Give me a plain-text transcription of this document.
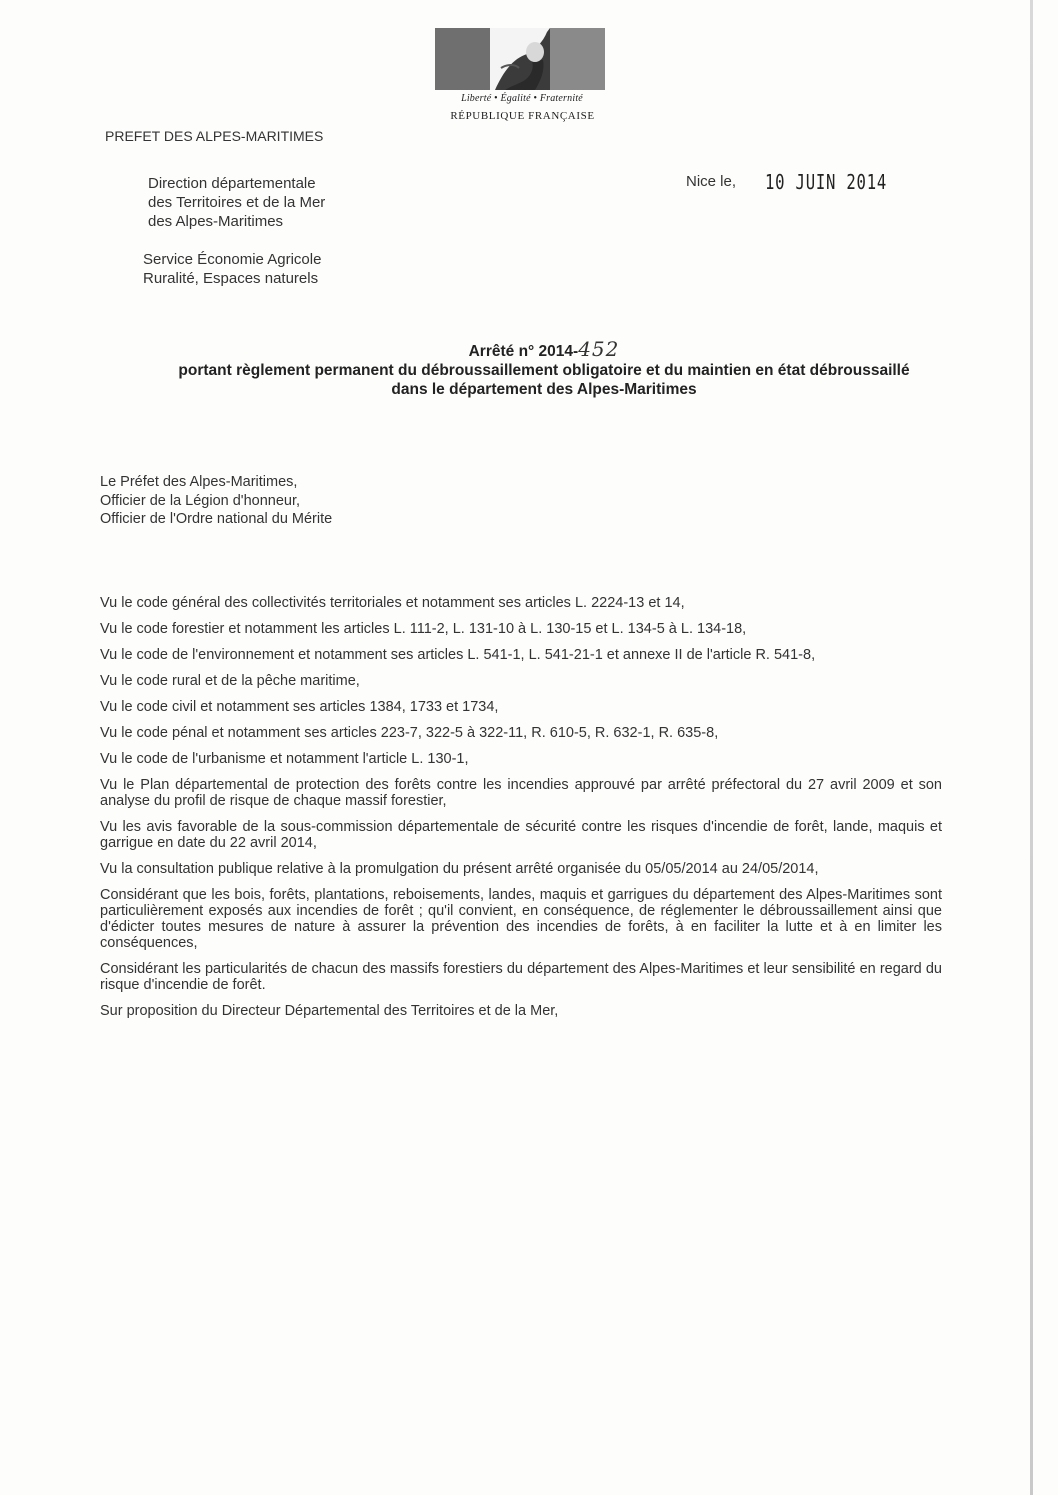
Liberté • Égalité • Fraternité
RÉPUBLIQUE FRANÇAISE
PREFET DES ALPES-MARITIMES
Direction départementale
des Territoires et de la Mer
des Alpes-Maritimes
Service Économie Agricole
Ruralité, Espaces naturels
Nice le, 10 JUIN 2014
Arrêté n° 2014-452
portant règlement permanent du débroussaillement obligatoire et du maintien en état débroussaillé
dans le département des Alpes-Maritimes
Le Préfet des Alpes-Maritimes,
Officier de la Légion d'honneur,
Officier de l'Ordre national du Mérite

Vu le code général des collectivités territoriales et notamment ses articles L. 2224-13 et 14,

Vu le code forestier et notamment les articles L. 111-2, L. 131-10 à L. 130-15 et L. 134-5 à L. 134-18,

Vu le code de l'environnement et notamment ses articles L. 541-1, L. 541-21-1 et annexe II de l'article R. 541-8,

Vu le code rural et de la pêche maritime,

Vu le code civil et notamment ses articles 1384, 1733 et 1734,

Vu le code pénal et notamment ses articles 223-7, 322-5 à 322-11, R. 610-5, R. 632-1, R. 635-8,

Vu le code de l'urbanisme et notamment l'article L. 130-1,

Vu le Plan départemental de protection des forêts contre les incendies approuvé par arrêté préfectoral du 27 avril 2009 et son analyse du profil de risque de chaque massif forestier,

Vu les avis favorable de la sous-commission départementale de sécurité contre les risques d'incendie de forêt, lande, maquis et garrigue en date du 22 avril 2014,

Vu la consultation publique relative à la promulgation du présent arrêté organisée du 05/05/2014 au 24/05/2014,

Considérant que les bois, forêts, plantations, reboisements, landes, maquis et garrigues du département des Alpes-Maritimes sont particulièrement exposés aux incendies de forêt ; qu'il convient, en conséquence, de réglementer le débroussaillement ainsi que d'édicter toutes mesures de nature à assurer la prévention des incendies de forêts, à en faciliter la lutte et à en limiter les conséquences,

Considérant les particularités de chacun des massifs forestiers du département des Alpes-Maritimes et leur sensibilité en regard du risque d'incendie de forêt.

Sur proposition du Directeur Départemental des Territoires et de la Mer,
